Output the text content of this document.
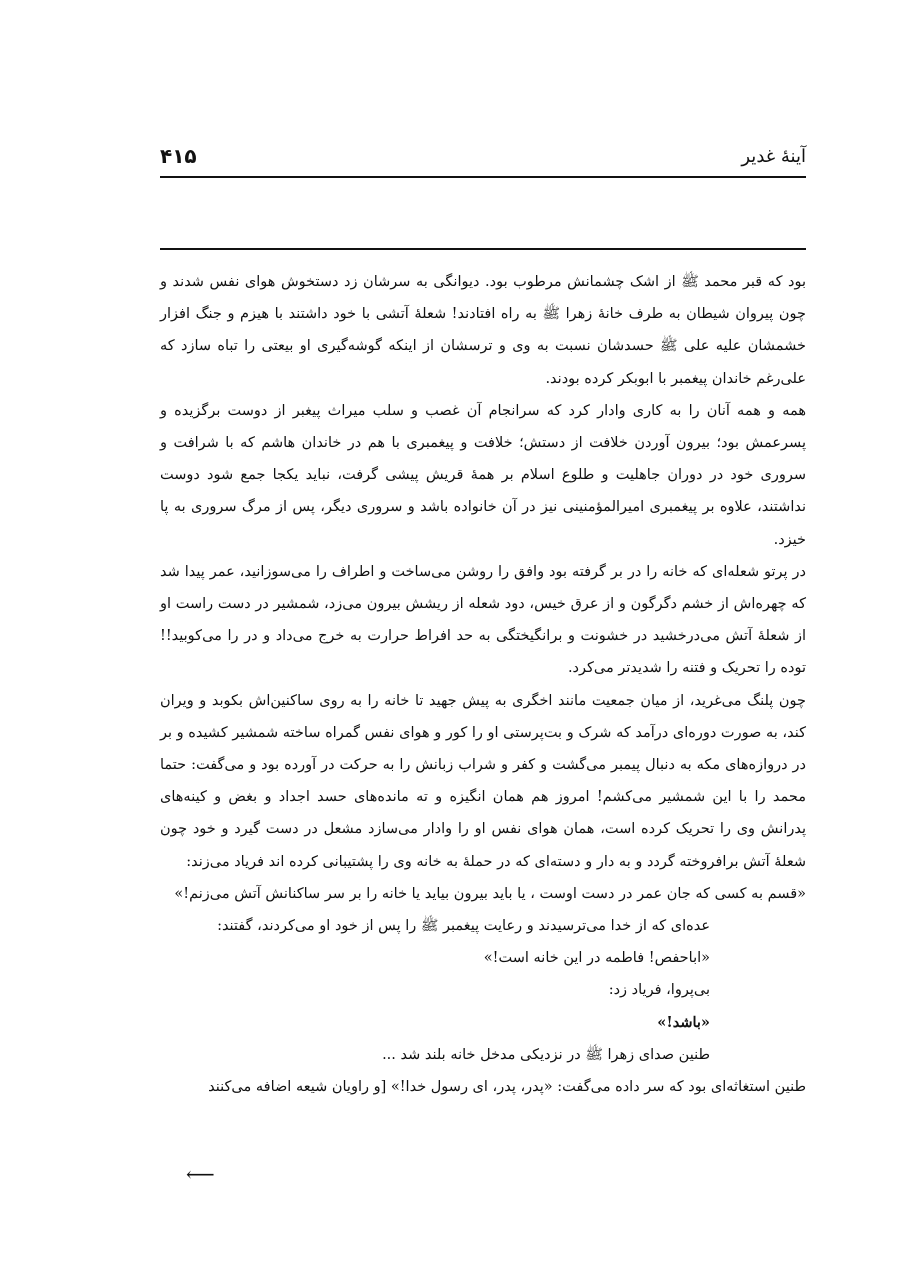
آینهٔ غدیر
۴۱۵

بود که قبر محمد ﷺ از اشک چشمانش مرطوب بود. دیوانگی به سرشان زد دستخوش هوای نفس شدند و چون پیروان شیطان به طرف خانهٔ زهرا ﷺ به راه افتادند! شعلهٔ آتشی با خود داشتند با هیزم و جنگ افزار خشمشان علیه علی ﷺ حسدشان نسبت به وی و ترسشان از اینکه گوشه‌گیری او بیعتی را تباه سازد که علی‌رغم خاندان پیغمبر با ابوبکر کرده بودند.

همه و همه آنان را به کاری وادار کرد که سرانجام آن غصب و سلب میراث پیغبر از دوست برگزیده و پسرعمش بود؛ بیرون آوردن خلافت از دستش؛ خلافت و پیغمبری با هم در خاندان هاشم که با شرافت و سروری خود در دوران جاهلیت و طلوع اسلام بر همهٔ قریش پیشی گرفت، نباید یکجا جمع شود دوست نداشتند، علاوه بر پیغمبری امیرالمؤمنینی نیز در آن خانواده باشد و سروری دیگر، پس از مرگ سروری به پا خیزد.

در پرتو شعله‌ای که خانه را در بر گرفته بود وافق را روشن می‌ساخت و اطراف را می‌سوزانید، عمر پیدا شد که چهره‌اش از خشم دگرگون و از عرق خیس، دود شعله از ریشش بیرون می‌زد، شمشیر در دست راست او از شعلهٔ آتش می‌درخشید در خشونت و برانگیختگی به حد افراط حرارت به خرج می‌داد و در را می‌کوبید!! توده را تحریک و فتنه را شدیدتر می‌کرد.

چون پلنگ می‌غرید، از میان جمعیت مانند اخگری به پیش جهید تا خانه را به روی ساکنین‌اش بکوبد و ویران کند، به صورت دوره‌ای درآمد که شرک و بت‌پرستی او را کور و هوای نفس گمراه ساخته شمشیر کشیده و بر در دروازه‌های مکه به دنبال پیمبر می‌گشت و کفر و شراب زبانش را به حرکت در آورده بود و می‌گفت: حتما محمد را با این شمشیر می‌کشم! امروز هم همان انگیزه و ته مانده‌های حسد اجداد و بغض و کینه‌های پدرانش وی را تحریک کرده است، همان هوای نفس او را وادار می‌سازد مشعل در دست گیرد و خود چون شعلهٔ آتش برافروخته گردد و به دار و دسته‌ای که در حملهٔ به خانه وی را پشتیبانی کرده اند فریاد می‌زند:

«قسم به کسی که جان عمر در دست اوست ، یا باید بیرون بیاید یا خانه را بر سر ساکنانش آتش می‌زنم!»

عده‌ای که از خدا می‌ترسیدند و رعایت پیغمبر ﷺ را پس از خود او می‌کردند، گفتند:

«اباحفص! فاطمه در این خانه است!»

بی‌پروا، فریاد زد:

«باشد!»

طنین صدای زهرا ﷺ در نزدیکی مدخل خانه بلند شد ...

طنین استغاثه‌ای بود که سر داده می‌گفت: «پدر، پدر، ای رسول خدا!» [و راویان شیعه اضافه می‌کنند

⟵
